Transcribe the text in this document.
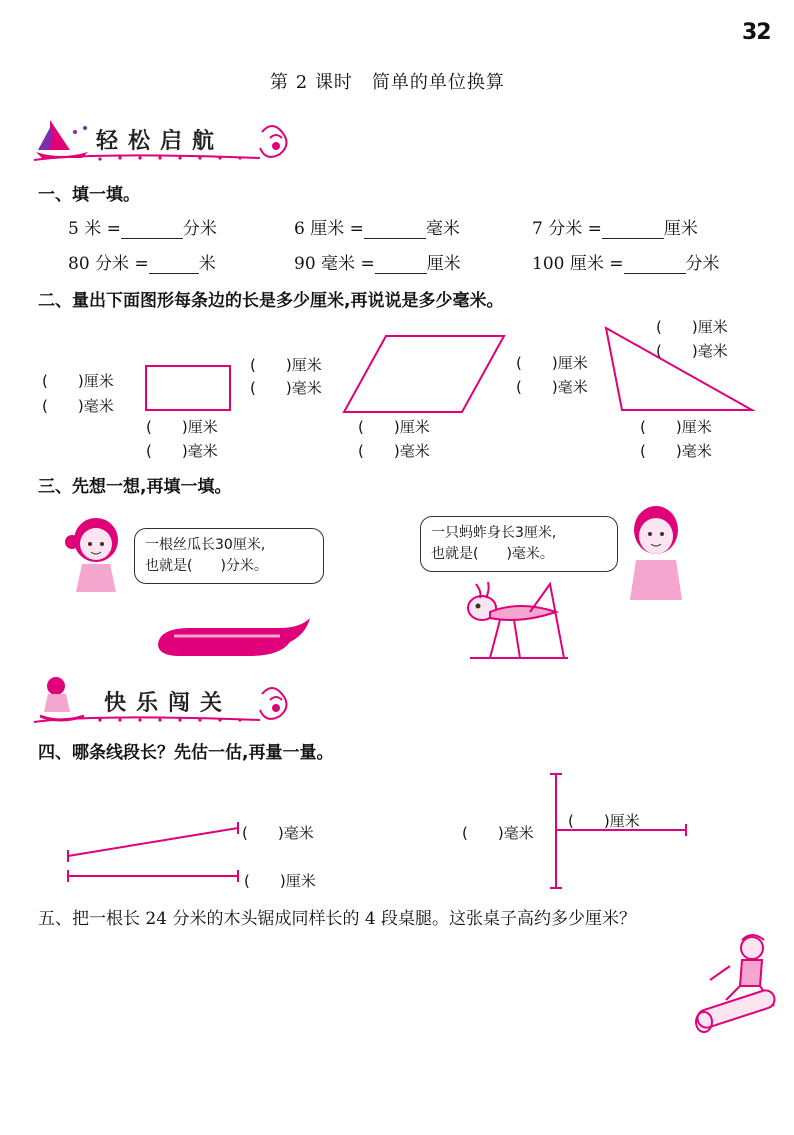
32
第 2 课时　简单的单位换算
轻松启航
一、填一填。
5 米 =	分米	6 厘米 =	毫米	7 分米 =	厘米
80 分米 =	米	90 毫米 =	厘米	100 厘米 =	分米
二、量出下面图形每条边的长是多少厘米,再说说是多少毫米。
(　　)厘米
(　　)毫米
(　　)厘米
(　　)毫米
(　　)厘米
(　　)毫米
(　　)厘米
(　　)毫米
(　　)厘米
(　　)毫米
(　　)厘米
(　　)毫米
(　　)厘米
(　　)毫米
三、先想一想,再填一填。
一根丝瓜长30厘米,
也就是(　　)分米。
一只蚂蚱身长3厘米,
也就是(　　)毫米。
快乐闯关
四、哪条线段长？先估一估,再量一量。
(　　)毫米
(　　)厘米
(　　)毫米
(　　)厘米
五、把一根长 24 分米的木头锯成同样长的 4 段桌腿。这张桌子高约多少厘米？
